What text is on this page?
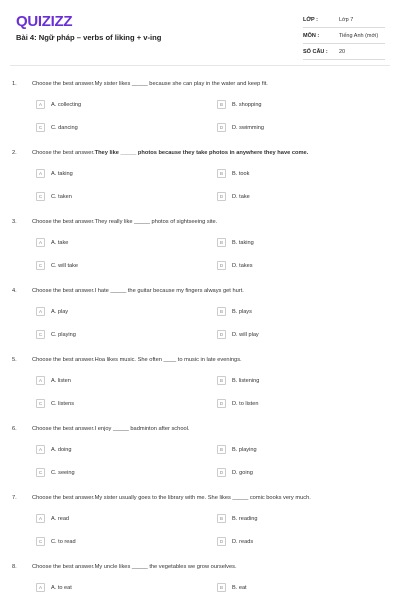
QUIZIZZ
Bài 4: Ngữ pháp – verbs of liking + v-ing
LỚP :	Lớp 7
MÔN :	Tiếng Anh (mới)
SỐ CÂU :	20
1.	Choose the best answer.My sister likes _____ because she can play in the water and keep fit.
A	A. collecting	B	B. shopping
C	C. dancing	D	D. swimming
2.	Choose the best answer.They like _____ photos because they take photos in anywhere they have come.
A	A. taking	B	B. took
C	C. taken	D	D. take
3.	Choose the best answer.They really like _____ photos of sightseeing site.
A	A. take	B	B. taking
C	C. will take	D	D. takes
4.	Choose the best answer.I hate _____ the guitar because my fingers always get hurt.
A	A. play	B	B. plays
C	C. playing	D	D. will play
5.	Choose the best answer.Hoa likes music. She often ____ to music in late evenings.
A	A. listen	B	B. listening
C	C. listens	D	D. to listen
6.	Choose the best answer.I enjoy _____ badminton after school.
A	A. doing	B	B. playing
C	C. seeing	D	D. going
7.	Choose the best answer.My sister usually goes to the library with me. She likes _____ comic books very much.
A	A. read	B	B. reading
C	C. to read	D	D. reads
8.	Choose the best answer.My uncle likes _____ the vegetables we grow ourselves.
A	A. to eat	B	B. eat
